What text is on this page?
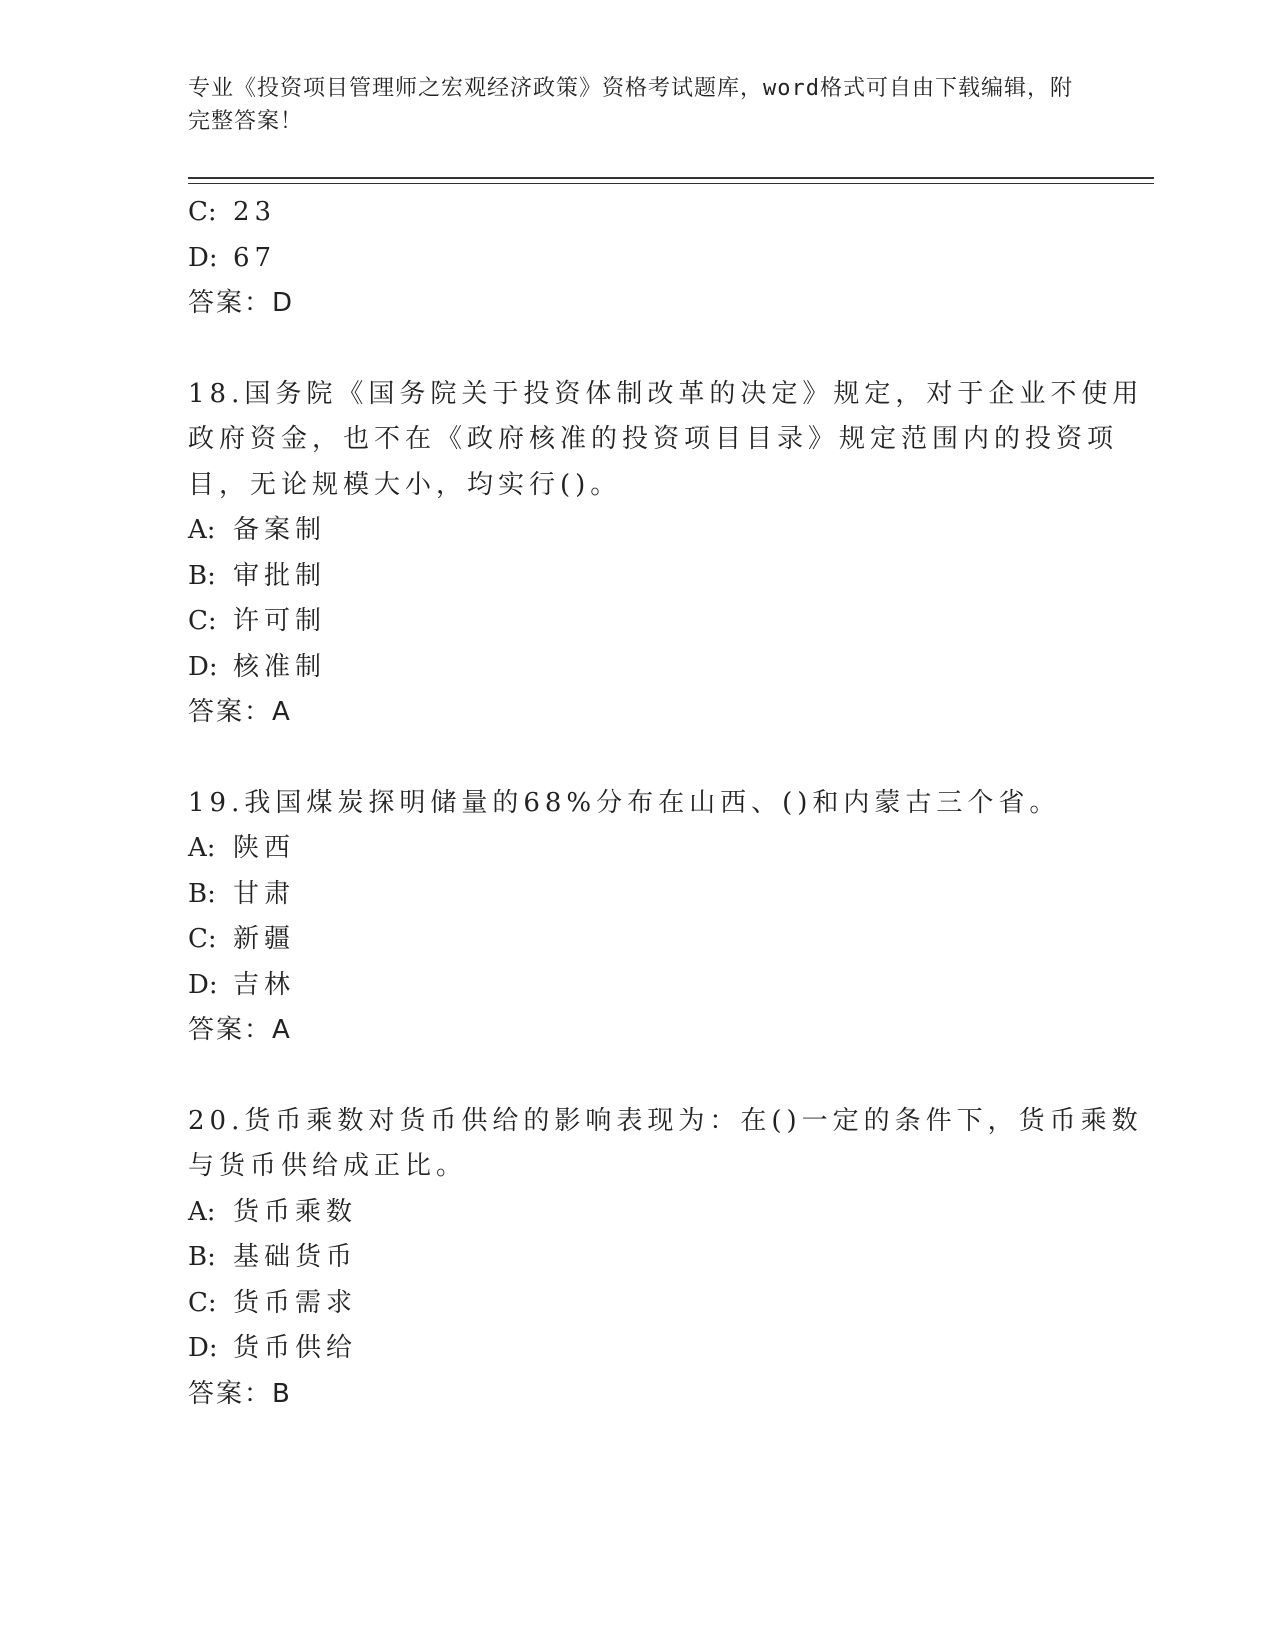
专业《投资项目管理师之宏观经济政策》资格考试题库，word格式可自由下载编辑，附完整答案！
C: 23
D: 67
答案：D
18.国务院《国务院关于投资体制改革的决定》规定，对于企业不使用
政府资金，也不在《政府核准的投资项目目录》规定范围内的投资项
目，无论规模大小，均实行()。
A: 备案制
B: 审批制
C: 许可制
D: 核准制
答案：A
19.我国煤炭探明储量的68%分布在山西、()和内蒙古三个省。
A: 陕西
B: 甘肃
C: 新疆
D: 吉林
答案：A
20.货币乘数对货币供给的影响表现为：在()一定的条件下，货币乘数
与货币供给成正比。
A: 货币乘数
B: 基础货币
C: 货币需求
D: 货币供给
答案：B
